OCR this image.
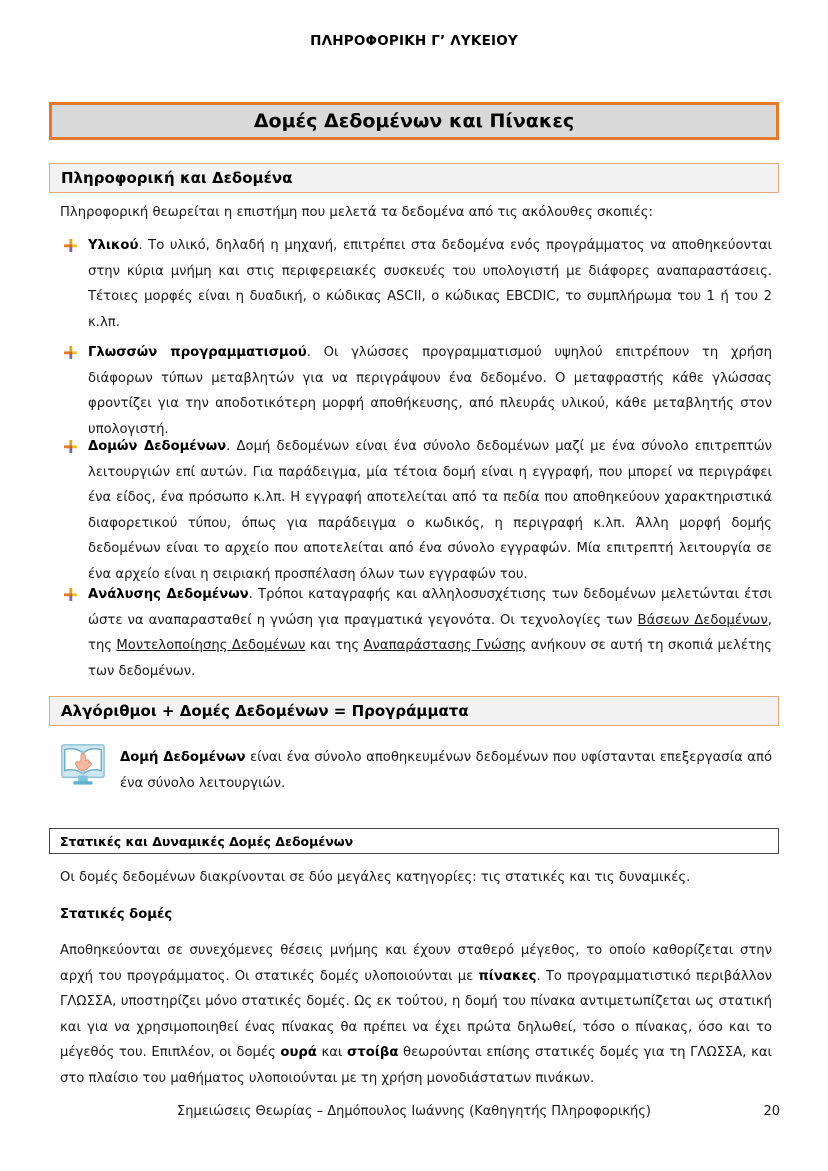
ΠΛΗΡΟΦΟΡΙΚΗ Γ’ ΛΥΚΕΙΟΥ
Δομές Δεδομένων και Πίνακες
Πληροφορική και Δεδομένα
Πληροφορική θεωρείται η επιστήμη που μελετά τα δεδομένα από τις ακόλουθες σκοπιές:
Υλικού. Το υλικό, δηλαδή η μηχανή, επιτρέπει στα δεδομένα ενός προγράμματος να αποθηκεύονται στην κύρια μνήμη και στις περιφερειακές συσκευές του υπολογιστή με διάφορες αναπαραστάσεις. Τέτοιες μορφές είναι η δυαδική, ο κώδικας ASCII, ο κώδικας EBCDIC, το συμπλήρωμα του 1 ή του 2 κ.λπ.
Γλωσσών προγραμματισμού. Οι γλώσσες προγραμματισμού υψηλού επιτρέπουν τη χρήση διάφορων τύπων μεταβλητών για να περιγράψουν ένα δεδομένο. Ο μεταφραστής κάθε γλώσσας φροντίζει για την αποδοτικότερη μορφή αποθήκευσης, από πλευράς υλικού, κάθε μεταβλητής στον υπολογιστή.
Δομών Δεδομένων. Δομή δεδομένων είναι ένα σύνολο δεδομένων μαζί με ένα σύνολο επιτρεπτών λειτουργιών επί αυτών. Για παράδειγμα, μία τέτοια δομή είναι η εγγραφή, που μπορεί να περιγράφει ένα είδος, ένα πρόσωπο κ.λπ. Η εγγραφή αποτελείται από τα πεδία που αποθηκεύουν χαρακτηριστικά διαφορετικού τύπου, όπως για παράδειγμα ο κωδικός, η περιγραφή κ.λπ. Άλλη μορφή δομής δεδομένων είναι το αρχείο που αποτελείται από ένα σύνολο εγγραφών. Μία επιτρεπτή λειτουργία σε ένα αρχείο είναι η σειριακή προσπέλαση όλων των εγγραφών του.
Ανάλυσης Δεδομένων. Τρόποι καταγραφής και αλληλοσυσχέτισης των δεδομένων μελετώνται έτσι ώστε να αναπαρασταθεί η γνώση για πραγματικά γεγονότα. Οι τεχνολογίες των Βάσεων Δεδομένων, της Μοντελοποίησης Δεδομένων και της Αναπαράστασης Γνώσης ανήκουν σε αυτή τη σκοπιά μελέτης των δεδομένων.
Αλγόριθμοι + Δομές Δεδομένων = Προγράμματα
Δομή Δεδομένων είναι ένα σύνολο αποθηκευμένων δεδομένων που υφίστανται επεξεργασία από ένα σύνολο λειτουργιών.
Στατικές και Δυναμικές Δομές Δεδομένων
Οι δομές δεδομένων διακρίνονται σε δύο μεγάλες κατηγορίες: τις στατικές και τις δυναμικές.
Στατικές δομές
Αποθηκεύονται σε συνεχόμενες θέσεις μνήμης και έχουν σταθερό μέγεθος, το οποίο καθορίζεται στην αρχή του προγράμματος. Οι στατικές δομές υλοποιούνται με πίνακες. Το προγραμματιστικό περιβάλλον ΓΛΩΣΣΑ, υποστηρίζει μόνο στατικές δομές. Ως εκ τούτου, η δομή του πίνακα αντιμετωπίζεται ως στατική και για να χρησιμοποιηθεί ένας πίνακας θα πρέπει να έχει πρώτα δηλωθεί, τόσο ο πίνακας, όσο και το μέγεθός του. Επιπλέον, οι δομές ουρά και στοίβα θεωρούνται επίσης στατικές δομές για τη ΓΛΩΣΣΑ, και στο πλαίσιο του μαθήματος υλοποιούνται με τη χρήση μονοδιάστατων πινάκων.
Σημειώσεις Θεωρίας – Δημόπουλος Ιωάννης (Καθηγητής Πληροφορικής)	20
